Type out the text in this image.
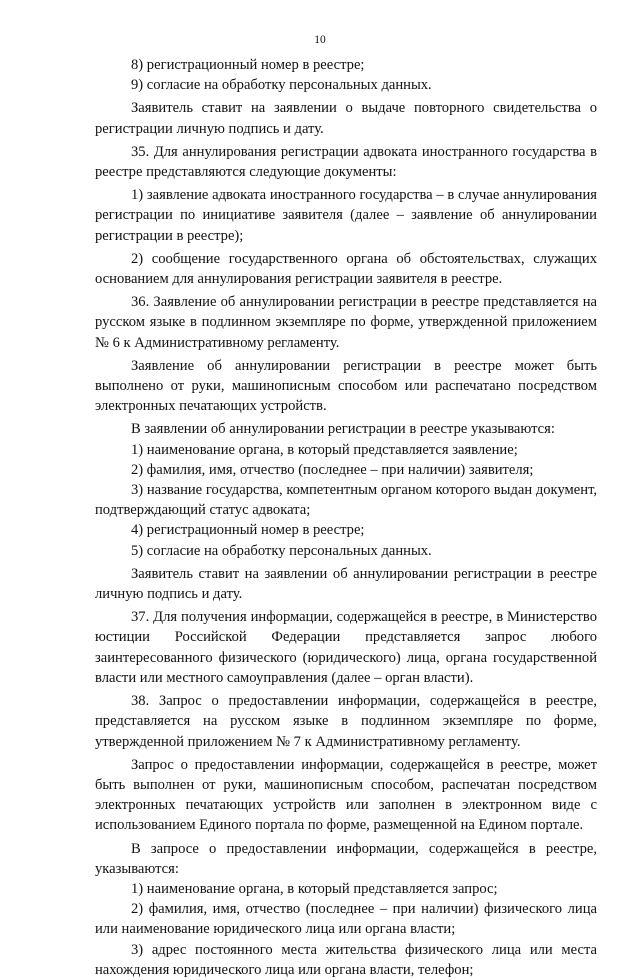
10

8) регистрационный номер в реестре;

9) согласие на обработку персональных данных.

Заявитель ставит на заявлении о выдаче повторного свидетельства о регистрации личную подпись и дату.

35. Для аннулирования регистрации адвоката иностранного государства в реестре представляются следующие документы:

1) заявление адвоката иностранного государства – в случае аннулирования регистрации по инициативе заявителя (далее – заявление об аннулировании регистрации в реестре);

2) сообщение государственного органа об обстоятельствах, служащих основанием для аннулирования регистрации заявителя в реестре.

36. Заявление об аннулировании регистрации в реестре представляется на русском языке в подлинном экземпляре по форме, утвержденной приложением № 6 к Административному регламенту.

Заявление об аннулировании регистрации в реестре может быть выполнено от руки, машинописным способом или распечатано посредством электронных печатающих устройств.

В заявлении об аннулировании регистрации в реестре указываются:

1) наименование органа, в который представляется заявление;

2) фамилия, имя, отчество (последнее – при наличии) заявителя;

3) название государства, компетентным органом которого выдан документ, подтверждающий статус адвоката;

4) регистрационный номер в реестре;

5) согласие на обработку персональных данных.

Заявитель ставит на заявлении об аннулировании регистрации в реестре личную подпись и дату.

37. Для получения информации, содержащейся в реестре, в Министерство юстиции Российской Федерации представляется запрос любого заинтересованного физического (юридического) лица, органа государственной власти или местного самоуправления (далее – орган власти).

38. Запрос о предоставлении информации, содержащейся в реестре, представляется на русском языке в подлинном экземпляре по форме, утвержденной приложением № 7 к Административному регламенту.

Запрос о предоставлении информации, содержащейся в реестре, может быть выполнен от руки, машинописным способом, распечатан посредством электронных печатающих устройств или заполнен в электронном виде с использованием Единого портала по форме, размещенной на Едином портале.

В запросе о предоставлении информации, содержащейся в реестре, указываются:

1) наименование органа, в который представляется запрос;

2) фамилия, имя, отчество (последнее – при наличии) физического лица или наименование юридического лица или органа власти;

3) адрес постоянного места жительства физического лица или места нахождения юридического лица или органа власти, телефон;
